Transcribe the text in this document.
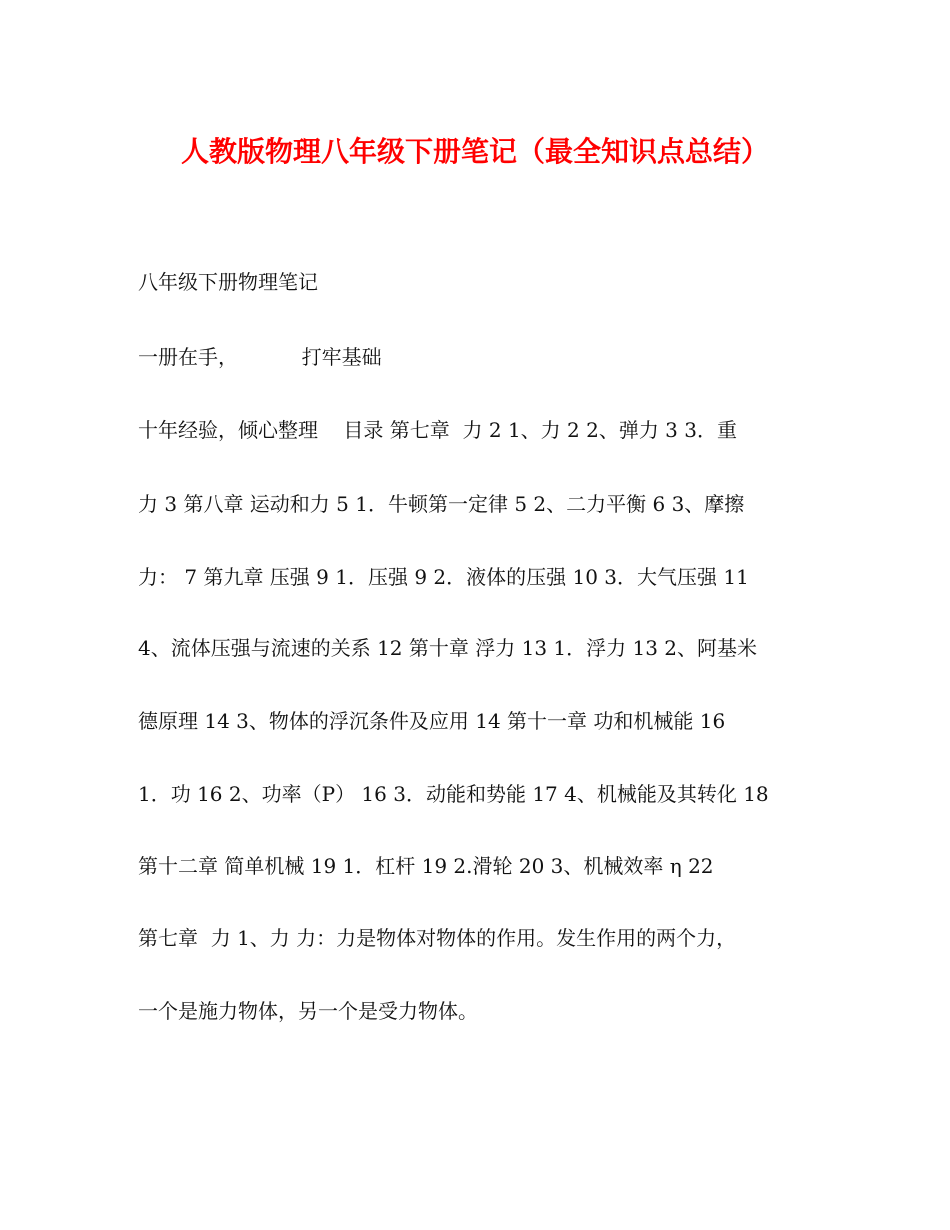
人教版物理八年级下册笔记（最全知识点总结）
八年级下册物理笔记
一册在手，          打牢基础
十年经验，倾心整理    目录 第七章  力 2 1、力 2 2、弹力 3 3．重
力 3 第八章 运动和力 5 1．牛顿第一定律 5 2、二力平衡 6 3、摩擦
力： 7 第九章 压强 9 1．压强 9 2．液体的压强 10 3．大气压强 11
4、流体压强与流速的关系 12 第十章 浮力 13 1．浮力 13 2、阿基米
德原理 14 3、物体的浮沉条件及应用 14 第十一章 功和机械能 16
1．功 16 2、功率（P） 16 3．动能和势能 17 4、机械能及其转化 18
第十二章 简单机械 19 1．杠杆 19 2.滑轮 20 3、机械效率 η 22
第七章  力 1、力 力：力是物体对物体的作用。发生作用的两个力，
一个是施力物体，另一个是受力物体。
